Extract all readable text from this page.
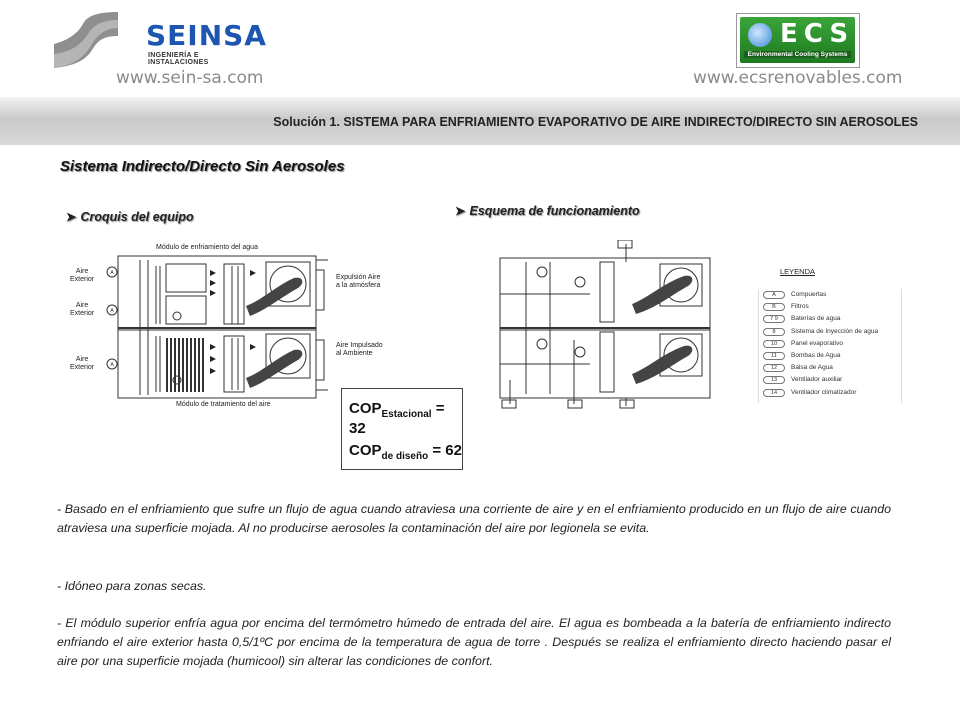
SEINSA
INGENIERÍA E INSTALACIONES
www.sein-sa.com
ECS
Environmental Cooling Systems
www.ecsrenovables.com
Solución 1. SISTEMA PARA ENFRIAMIENTO EVAPORATIVO DE AIRE INDIRECTO/DIRECTO SIN AEROSOLES
Sistema Indirecto/Directo Sin Aerosoles
➤ Croquis del equipo	➤ Esquema de funcionamiento
A
A
A
Módulo de enfriamiento del agua
Módulo de tratamiento del aire
Aire
Exterior
Aire
Exterior
Aire
Exterior
Expulsión Aire
a la atmósfera
Aire Impulsado
al Ambiente
LEYENDA
A Compuertas
B Filtros
7 9 Baterías de agua
8 Sistema de Inyección de agua
10 Panel evaporativo
11 Bombas de Agua
12 Balsa de Agua
13 Ventilador auxiliar
14 Ventilador climatizador
$COP_{Estacional} = 32$
$COP_{de diseño} = 62$

- Basado en el enfriamiento que sufre un flujo de agua cuando atraviesa una corriente de aire y en el enfriamiento producido en un flujo de aire cuando atraviesa una superficie mojada. Al no producirse aerosoles la contaminación del aire por legionela se evita.

- Idóneo para zonas secas.

- El módulo superior enfría agua por encima del termómetro húmedo de entrada del aire. El agua es bombeada a la batería de enfriamiento indirecto enfriando el aire exterior hasta 0,5/1ºC por encima de la temperatura de agua de torre . Después se realiza el enfriamiento directo haciendo pasar el aire por una superficie mojada (humicool) sin alterar las condiciones de confort.
